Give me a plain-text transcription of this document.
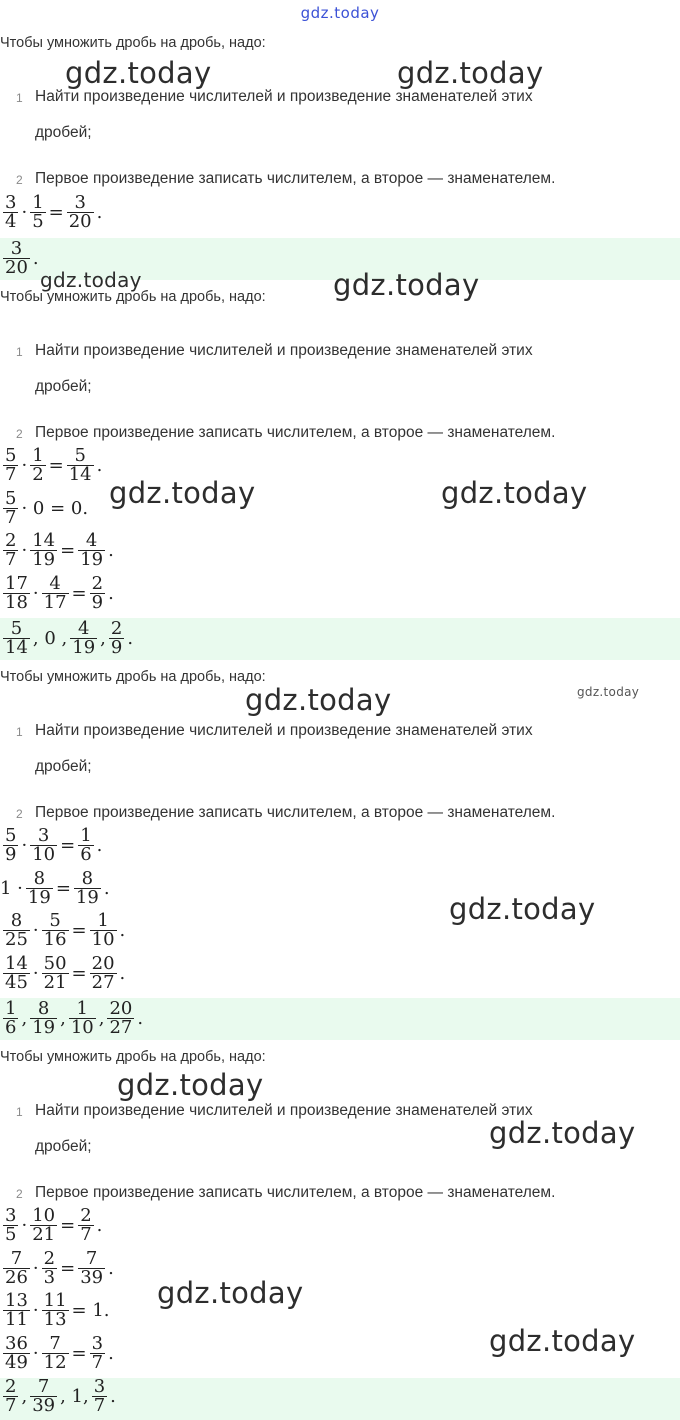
gdz.today
Чтобы умножить дробь на дробь, надо:
1 Найти произведение числителей и произведение знаменателей этих
дробей;
2 Первое произведение записать числителем, а второе — знаменателем.
$\frac{3}{4} \cdot \frac{1}{5} = \frac{3}{20}$ .
$\frac{3}{20}$ .
Чтобы умножить дробь на дробь, надо:
1 Найти произведение числителей и произведение знаменателей этих
дробей;
2 Первое произведение записать числителем, а второе — знаменателем.
$\frac{5}{7} \cdot \frac{1}{2} = \frac{5}{14}$ .
$\frac{5}{7} \cdot 0 = 0$.
$\frac{2}{7} \cdot \frac{14}{19} = \frac{4}{19}$ .
$\frac{17}{18} \cdot \frac{4}{17} = \frac{2}{9}$ .
$\frac{5}{14}$ , 0 , $\frac{4}{19}$ , $\frac{2}{9}$ .
Чтобы умножить дробь на дробь, надо:
1 Найти произведение числителей и произведение знаменателей этих
дробей;
2 Первое произведение записать числителем, а второе — знаменателем.
$\frac{5}{9} \cdot \frac{3}{10} = \frac{1}{6}$ .
$1 \cdot \frac{8}{19} = \frac{8}{19}$ .
$\frac{8}{25} \cdot \frac{5}{16} = \frac{1}{10}$ .
$\frac{14}{45} \cdot \frac{50}{21} = \frac{20}{27}$ .
$\frac{1}{6}$ , $\frac{8}{19}$ , $\frac{1}{10}$ , $\frac{20}{27}$ .
Чтобы умножить дробь на дробь, надо:
1 Найти произведение числителей и произведение знаменателей этих
дробей;
2 Первое произведение записать числителем, а второе — знаменателем.
$\frac{3}{5} \cdot \frac{10}{21} = \frac{2}{7}$ .
$\frac{7}{26} \cdot \frac{2}{3} = \frac{7}{39}$ .
$\frac{13}{11} \cdot \frac{11}{13} = 1$.
$\frac{36}{49} \cdot \frac{7}{12} = \frac{3}{7}$ .
$\frac{2}{7}$ , $\frac{7}{39}$ , 1, $\frac{3}{7}$ .
gdz.today	gdz.today
gdz.today	gdz.today
gdz.today	gdz.today
gdz.today	gdz.today
gdz.today
gdz.today
gdz.today
gdz.today
gdz.today
